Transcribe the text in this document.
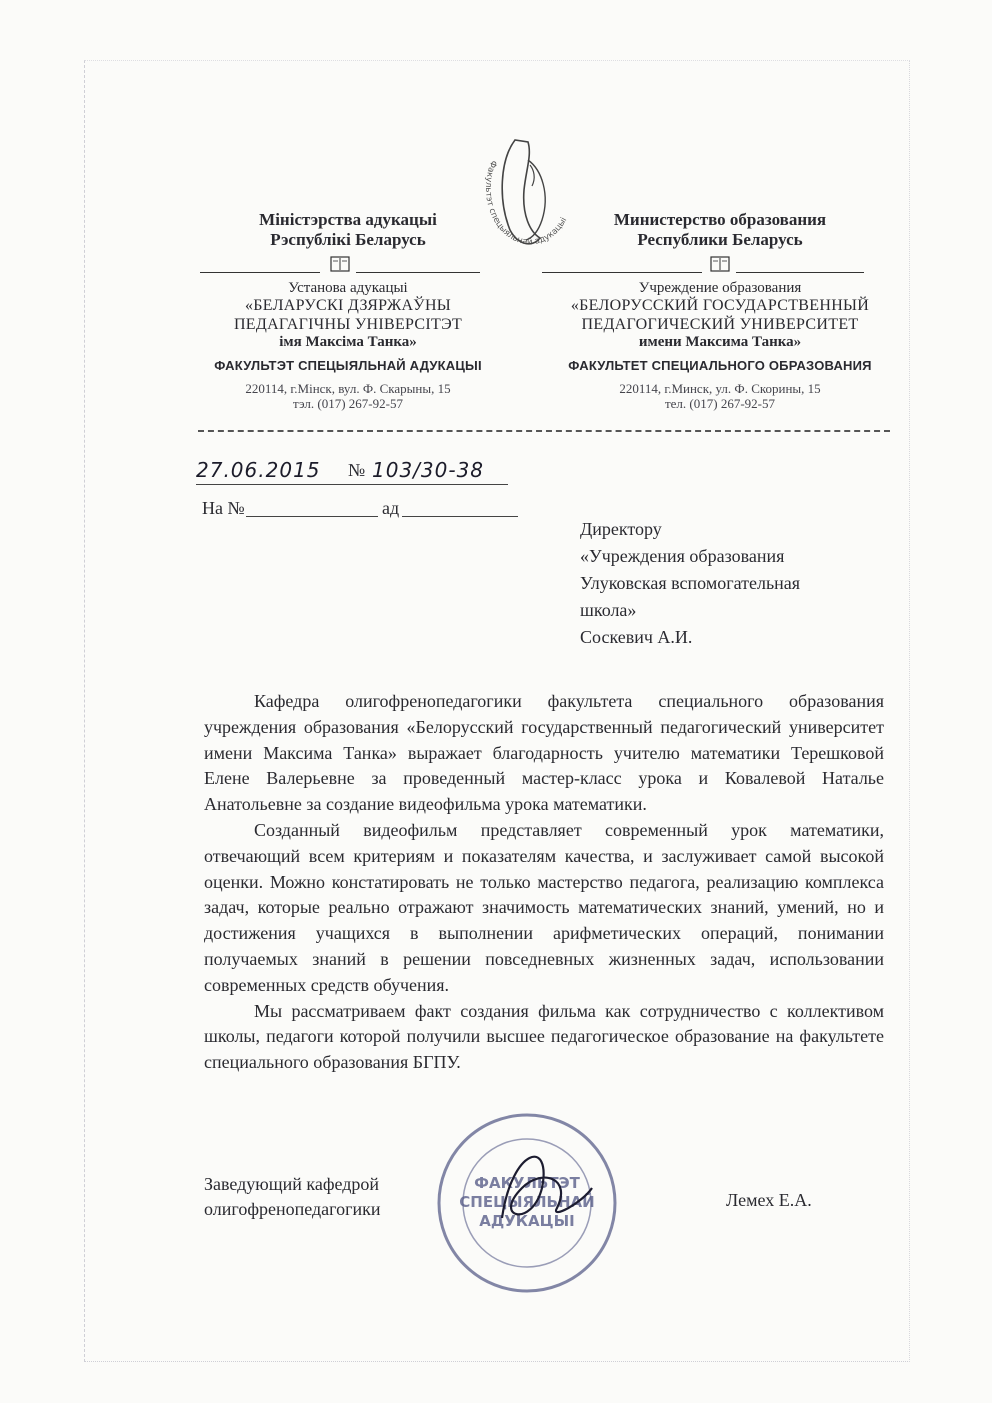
Факультэт спецыяльнай адукацыі
Міністэрства адукацыі
Рэспублікі Беларусь
Установа адукацыі
«БЕЛАРУСКІ ДЗЯРЖАЎНЫ
ПЕДАГАГІЧНЫ УНІВЕРСІТЭТ
імя Максіма Танка»
ФАКУЛЬТЭТ СПЕЦЫЯЛЬНАЙ АДУКАЦЫІ
220114, г.Мінск, вул. Ф. Скарыны, 15
тэл. (017) 267-92-57
Министерство образования
Республики Беларусь
Учреждение образования
«БЕЛОРУССКИЙ ГОСУДАРСТВЕННЫЙ
ПЕДАГОГИЧЕСКИЙ УНИВЕРСИТЕТ
имени Максима Танка»
ФАКУЛЬТЕТ СПЕЦИАЛЬНОГО ОБРАЗОВАНИЯ
220114, г.Минск, ул. Ф. Скорины, 15
тел. (017) 267-92-57
27.06.2015 № 103/30-38
На №	ад
Директору
«Учреждения образования
Улуковская вспомогательная
школа»
Соскевич А.И.

Кафедра олигофренопедагогики факультета специального образования учреждения образования «Белорусский государственный педагогический университет имени Максима Танка» выражает благодарность учителю математики Терешковой Елене Валерьевне за проведенный мастер-класс урока и Ковалевой Наталье Анатольевне за создание видеофильма урока математики.

Созданный видеофильм представляет современный урок математики, отвечающий всем критериям и показателям качества, и заслуживает самой высокой оценки. Можно констатировать не только мастерство педагога, реализацию комплекса задач, которые реально отражают значимость математических знаний, умений, но и достижения учащихся в выполнении арифметических операций, понимании получаемых знаний в решении повседневных жизненных задач, использовании современных средств обучения.

Мы рассматриваем факт создания фильма как сотрудничество с коллективом школы, педагоги которой получили высшее педагогическое образование на факультете специального образования БГПУ.

ФАКУЛЬТЭТ
СПЕЦЫЯЛЬНАЙ
АДУКАЦЫІ
Заведующий кафедрой
олигофренопедагогики	Лемех Е.А.
